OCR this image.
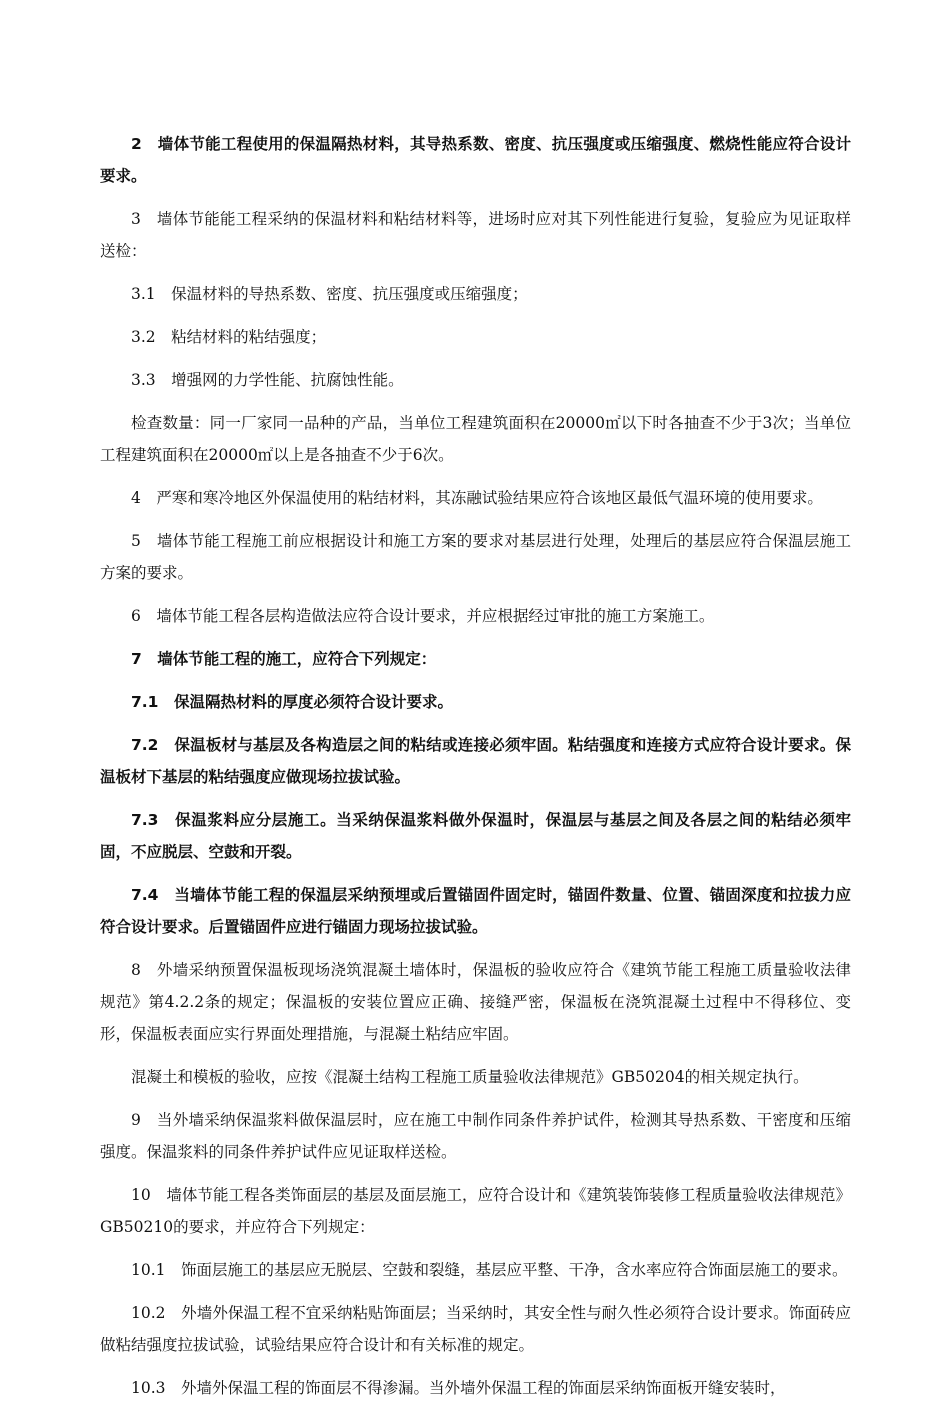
2　墙体节能工程使用的保温隔热材料，其导热系数、密度、抗压强度或压缩强度、燃烧性能应符合设计要求。

3　墙体节能能工程采纳的保温材料和粘结材料等，进场时应对其下列性能进行复验，复验应为见证取样送检：

3.1　保温材料的导热系数、密度、抗压强度或压缩强度；

3.2　粘结材料的粘结强度；

3.3　增强网的力学性能、抗腐蚀性能。

检查数量：同一厂家同一品种的产品，当单位工程建筑面积在20000㎡以下时各抽查不少于3次；当单位工程建筑面积在20000㎡以上是各抽查不少于6次。

4　严寒和寒冷地区外保温使用的粘结材料，其冻融试验结果应符合该地区最低气温环境的使用要求。

5　墙体节能工程施工前应根据设计和施工方案的要求对基层进行处理，处理后的基层应符合保温层施工方案的要求。

6　墙体节能工程各层构造做法应符合设计要求，并应根据经过审批的施工方案施工。

7　墙体节能工程的施工，应符合下列规定：

7.1　保温隔热材料的厚度必须符合设计要求。

7.2　保温板材与基层及各构造层之间的粘结或连接必须牢固。粘结强度和连接方式应符合设计要求。保温板材下基层的粘结强度应做现场拉拔试验。

7.3　保温浆料应分层施工。当采纳保温浆料做外保温时，保温层与基层之间及各层之间的粘结必须牢固，不应脱层、空鼓和开裂。

7.4　当墙体节能工程的保温层采纳预埋或后置锚固件固定时，锚固件数量、位置、锚固深度和拉拔力应符合设计要求。后置锚固件应进行锚固力现场拉拔试验。

8　外墙采纳预置保温板现场浇筑混凝土墙体时，保温板的验收应符合《建筑节能工程施工质量验收法律规范》第4.2.2条的规定；保温板的安装位置应正确、接缝严密，保温板在浇筑混凝土过程中不得移位、变形，保温板表面应实行界面处理措施，与混凝土粘结应牢固。

混凝土和模板的验收，应按《混凝土结构工程施工质量验收法律规范》GB50204的相关规定执行。

9　当外墙采纳保温浆料做保温层时，应在施工中制作同条件养护试件，检测其导热系数、干密度和压缩强度。保温浆料的同条件养护试件应见证取样送检。

10　墙体节能工程各类饰面层的基层及面层施工，应符合设计和《建筑装饰装修工程质量验收法律规范》GB50210的要求，并应符合下列规定：

10.1　饰面层施工的基层应无脱层、空鼓和裂缝，基层应平整、干净，含水率应符合饰面层施工的要求。

10.2　外墙外保温工程不宜采纳粘贴饰面层；当采纳时，其安全性与耐久性必须符合设计要求。饰面砖应做粘结强度拉拔试验，试验结果应符合设计和有关标准的规定。

10.3　外墙外保温工程的饰面层不得渗漏。当外墙外保温工程的饰面层采纳饰面板开缝安装时，
